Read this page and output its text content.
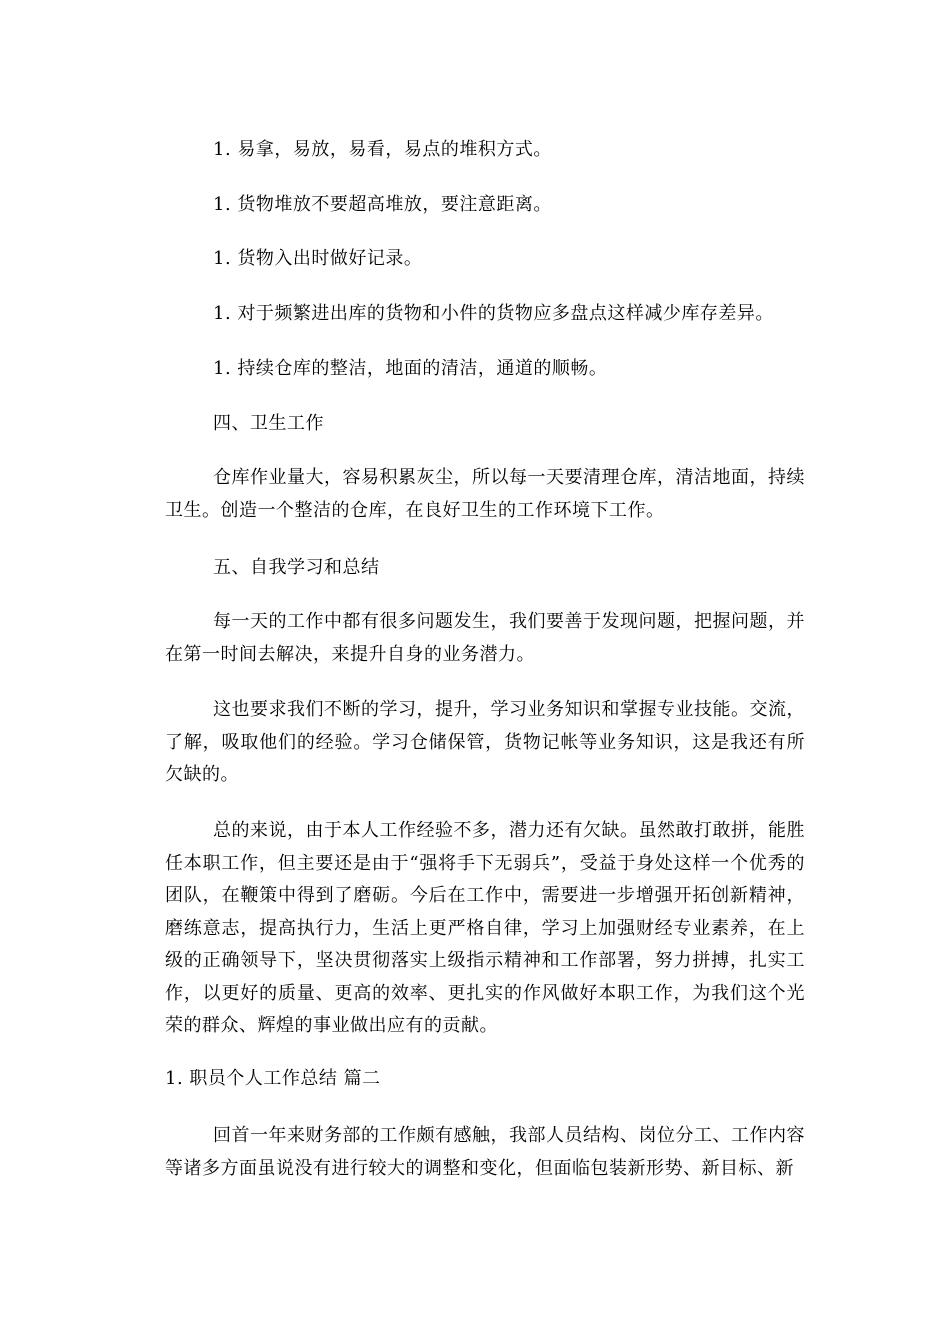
1. 易拿，易放，易看，易点的堆积方式。
1. 货物堆放不要超高堆放，要注意距离。
1. 货物入出时做好记录。
1. 对于频繁进出库的货物和小件的货物应多盘点这样减少库存差异。
1. 持续仓库的整洁，地面的清洁，通道的顺畅。
四、卫生工作
仓库作业量大，容易积累灰尘，所以每一天要清理仓库，清洁地面，持续卫生。创造一个整洁的仓库，在良好卫生的工作环境下工作。
五、自我学习和总结
每一天的工作中都有很多问题发生，我们要善于发现问题，把握问题，并在第一时间去解决，来提升自身的业务潜力。
这也要求我们不断的学习，提升，学习业务知识和掌握专业技能。交流，了解，吸取他们的经验。学习仓储保管，货物记帐等业务知识，这是我还有所欠缺的。
总的来说，由于本人工作经验不多，潜力还有欠缺。虽然敢打敢拼，能胜任本职工作，但主要还是由于“强将手下无弱兵”，受益于身处这样一个优秀的团队，在鞭策中得到了磨砺。今后在工作中，需要进一步增强开拓创新精神，磨练意志，提高执行力，生活上更严格自律，学习上加强财经专业素养，在上级的正确领导下，坚决贯彻落实上级指示精神和工作部署，努力拼搏，扎实工作，以更好的质量、更高的效率、更扎实的作风做好本职工作，为我们这个光荣的群众、辉煌的事业做出应有的贡献。
1. 职员个人工作总结 篇二
回首一年来财务部的工作颇有感触，我部人员结构、岗位分工、工作内容等诸多方面虽说没有进行较大的调整和变化，但面临包装新形势、新目标、新
